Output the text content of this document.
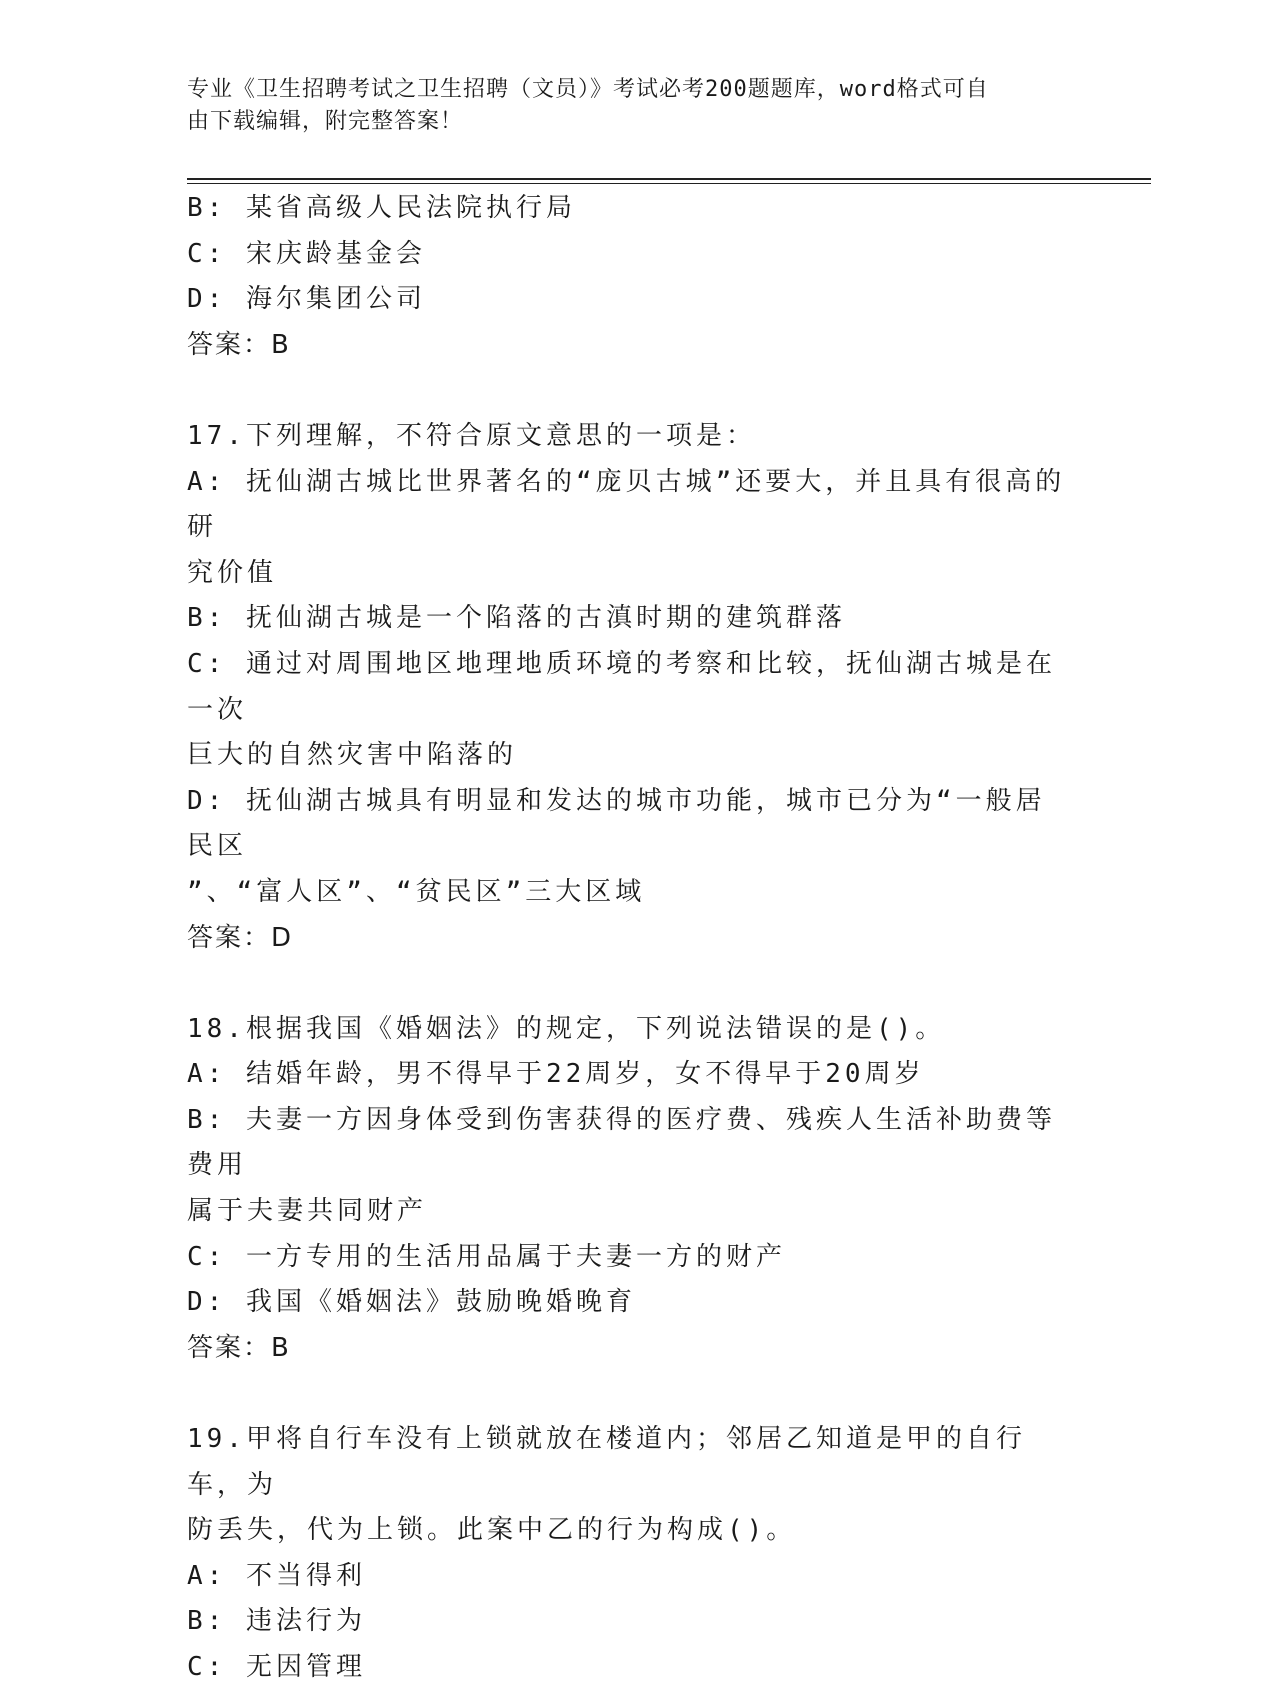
专业《卫生招聘考试之卫生招聘（文员）》考试必考200题题库，word格式可自
由下载编辑，附完整答案！

B: 某省高级人民法院执行局

C: 宋庆龄基金会

D: 海尔集团公司

答案：B

17.下列理解，不符合原文意思的一项是：

A: 抚仙湖古城比世界著名的“庞贝古城”还要大，并且具有很高的研

究价值

B: 抚仙湖古城是一个陷落的古滇时期的建筑群落

C: 通过对周围地区地理地质环境的考察和比较，抚仙湖古城是在一次

巨大的自然灾害中陷落的

D: 抚仙湖古城具有明显和发达的城市功能，城市已分为“一般居民区

”、“富人区”、“贫民区”三大区域

答案：D

18.根据我国《婚姻法》的规定，下列说法错误的是()。

A: 结婚年龄，男不得早于22周岁，女不得早于20周岁

B: 夫妻一方因身体受到伤害获得的医疗费、残疾人生活补助费等费用

属于夫妻共同财产

C: 一方专用的生活用品属于夫妻一方的财产

D: 我国《婚姻法》鼓励晚婚晚育

答案：B

19.甲将自行车没有上锁就放在楼道内；邻居乙知道是甲的自行车，为

防丢失，代为上锁。此案中乙的行为构成()。

A: 不当得利

B: 违法行为

C: 无因管理
